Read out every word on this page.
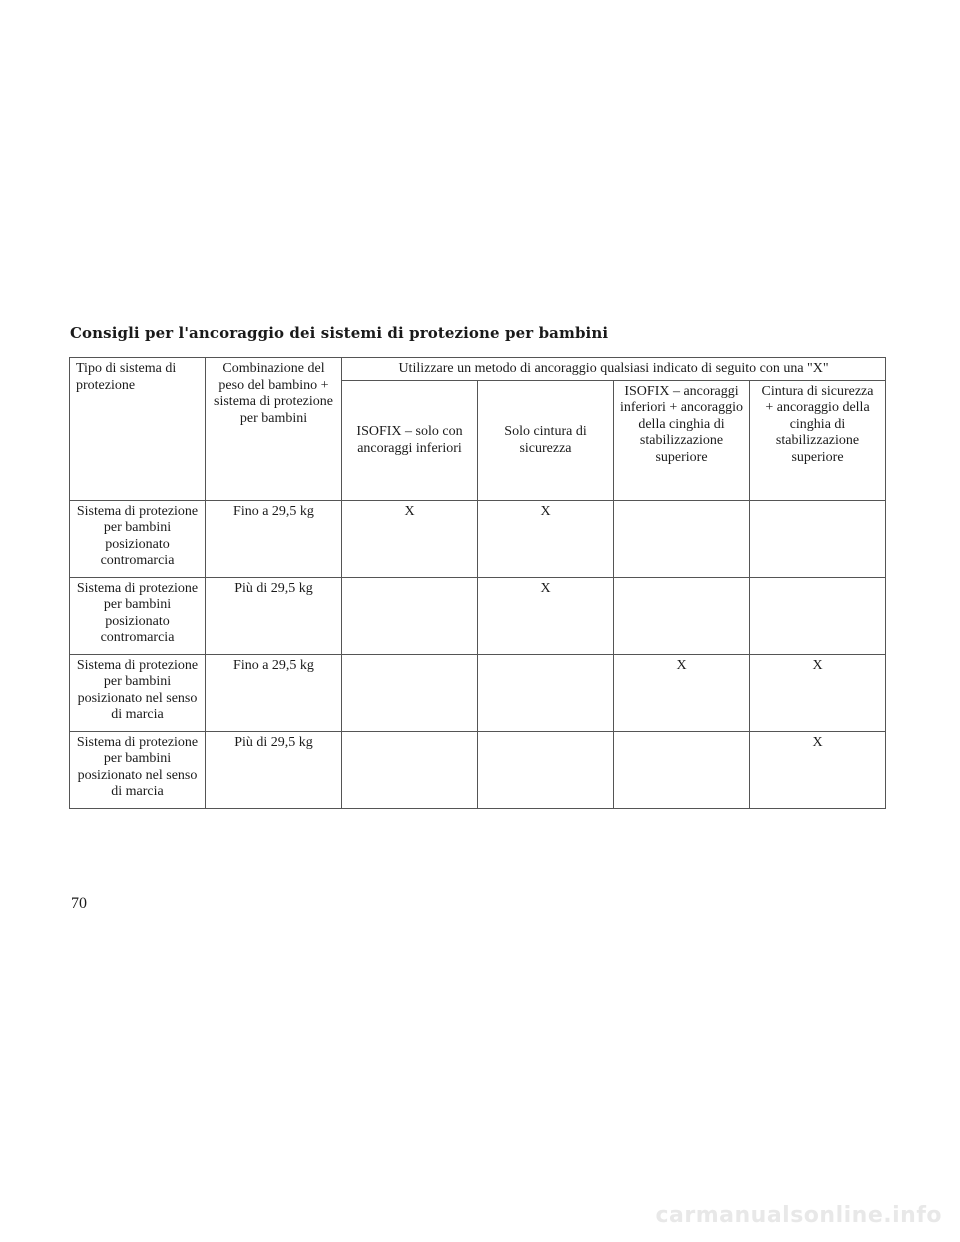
Consigli per l'ancoraggio dei sistemi di protezione per bambini
Tipo di sistema di protezione	Combinazione del peso del bambino + sistema di protezione per bambini	Utilizzare un metodo di ancoraggio qualsiasi indicato di seguito con una "X"			
		ISOFIX – solo con ancoraggi inferiori	Solo cintura di sicurezza	ISOFIX – ancoraggi inferiori + ancoraggio della cinghia di stabilizzazione superiore	Cintura di sicurezza + ancoraggio della cinghia di stabilizzazione superiore
Sistema di protezione per bambini posizionato contromarcia	Fino a 29,5 kg	X	X		
Sistema di protezione per bambini posizionato contromarcia	Più di 29,5 kg		X		
Sistema di protezione per bambini posizionato nel senso di marcia	Fino a 29,5 kg			X	X
Sistema di protezione per bambini posizionato nel senso di marcia	Più di 29,5 kg				X
70
carmanualsonline.info
